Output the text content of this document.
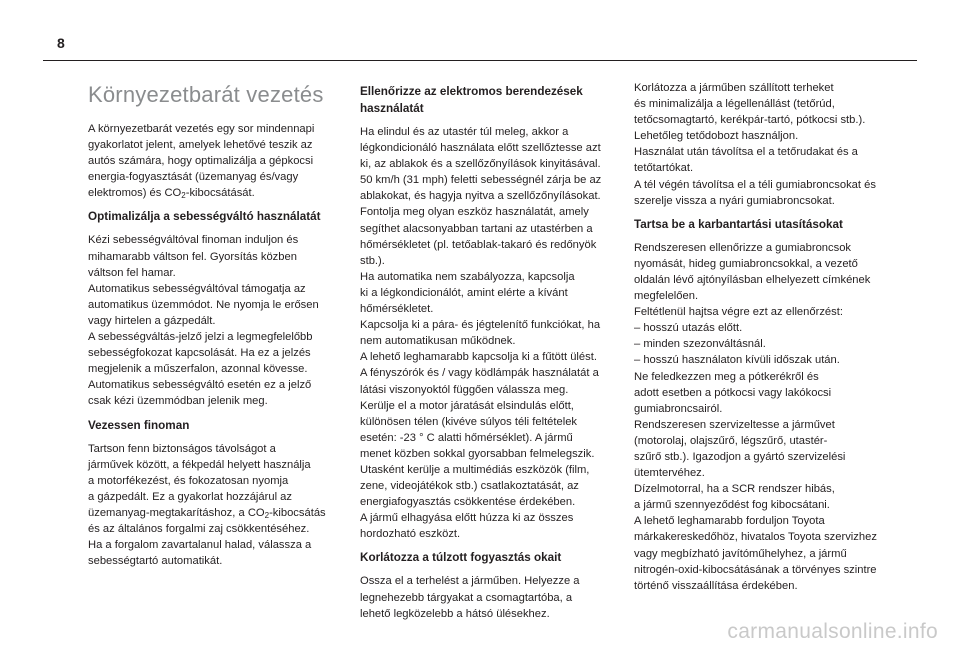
8
Környezetbarát vezetés

A környezetbarát vezetés egy sor mindennapi
gyakorlatot jelent, amelyek lehetővé teszik az
autós számára, hogy optimalizálja a gépkocsi
energia-fogyasztását (üzemanyag és/vagy
elektromos) és $CO_2$-kibocsátását.

Optimalizálja a sebességváltó használatát

Kézi sebességváltóval finoman induljon és
mihamarabb váltson fel. Gyorsítás közben
váltson fel hamar.
Automatikus sebességváltóval támogatja az
automatikus üzemmódot. Ne nyomja le erősen
vagy hirtelen a gázpedált.
A sebességváltás-jelző jelzi a legmegfelelőbb
sebességfokozat kapcsolását. Ha ez a jelzés
megjelenik a műszerfalon, azonnal kövesse.
Automatikus sebességváltó esetén ez a jelző
csak kézi üzemmódban jelenik meg.

Vezessen finoman

Tartson fenn biztonságos távolságot a
járművek között, a fékpedál helyett használja
a motorfékezést, és fokozatosan nyomja
a gázpedált. Ez a gyakorlat hozzájárul az
üzemanyag-megtakarításhoz, a $CO_2$-kibocsátás
és az általános forgalmi zaj csökkentéséhez.
Ha a forgalom zavartalanul halad, válassza a
sebességtartó automatikát.

Ellenőrizze az elektromos berendezések
használatát

Ha elindul és az utastér túl meleg, akkor a
légkondicionáló használata előtt szellőztesse azt
ki, az ablakok és a szellőzőnyílások kinyitásával.
50 km/h (31 mph) feletti sebességnél zárja be az
ablakokat, és hagyja nyitva a szellőzőnyílásokat.
Fontolja meg olyan eszköz használatát, amely
segíthet alacsonyabban tartani az utastérben a
hőmérsékletet (pl. tetőablak-takaró és redőnyök
stb.).
Ha automatika nem szabályozza, kapcsolja
ki a légkondicionálót, amint elérte a kívánt
hőmérsékletet.
Kapcsolja ki a pára- és jégtelenítő funkciókat, ha
nem automatikusan működnek.
A lehető leghamarabb kapcsolja ki a fűtött ülést.
A fényszórók és / vagy ködlámpák használatát a
látási viszonyoktól függően válassza meg.
Kerülje el a motor járatását elsindulás előtt,
különösen télen (kivéve súlyos téli feltételek
esetén: -23 ° C alatti hőmérséklet). A jármű
menet közben sokkal gyorsabban felmelegszik.
Utasként kerülje a multimédiás eszközök (film,
zene, videojátékok stb.) csatlakoztatását, az
energiafogyasztás csökkentése érdekében.
A jármű elhagyása előtt húzza ki az összes
hordozható eszközt.

Korlátozza a túlzott fogyasztás okait

Ossza el a terhelést a járműben. Helyezze a
legnehezebb tárgyakat a csomagtartóba, a
lehető legközelebb a hátsó ülésekhez.

Korlátozza a járműben szállított terheket
és minimalizálja a légellenállást (tetőrúd,
tetőcsomagtartó, kerékpár-tartó, pótkocsi stb.).
Lehetőleg tetődobozt használjon.
Használat után távolítsa el a tetőrudakat és a
tetőtartókat.
A tél végén távolítsa el a téli gumiabroncsokat és
szerelje vissza a nyári gumiabroncsokat.

Tartsa be a karbantartási utasításokat

Rendszeresen ellenőrizze a gumiabroncsok
nyomását, hideg gumiabroncsokkal, a vezető
oldalán lévő ajtónyílásban elhelyezett címkének
megfelelően.
Feltétlenül hajtsa végre ezt az ellenőrzést:
– hosszú utazás előtt.
– minden szezonváltásnál.
– hosszú használaton kívüli időszak után.
Ne feledkezzen meg a pótkerékről és
adott esetben a pótkocsi vagy lakókocsi
gumiabroncsairól.
Rendszeresen szervizeltesse a járművet
(motorolaj, olajszűrő, légszűrő, utastér-
szűrő stb.). Igazodjon a gyártó szervizelési
ütemtervéhez.
Dízelmotorral, ha a SCR rendszer hibás,
a jármű szennyeződést fog kibocsátani.
A lehető leghamarabb forduljon Toyota
márkakereskedőhöz, hivatalos Toyota szervizhez
vagy megbízható javítóműhelyhez, a jármű
nitrogén-oxid-kibocsátásának a törvényes szintre
történő visszaállítása érdekében.

carmanualsonline.info
